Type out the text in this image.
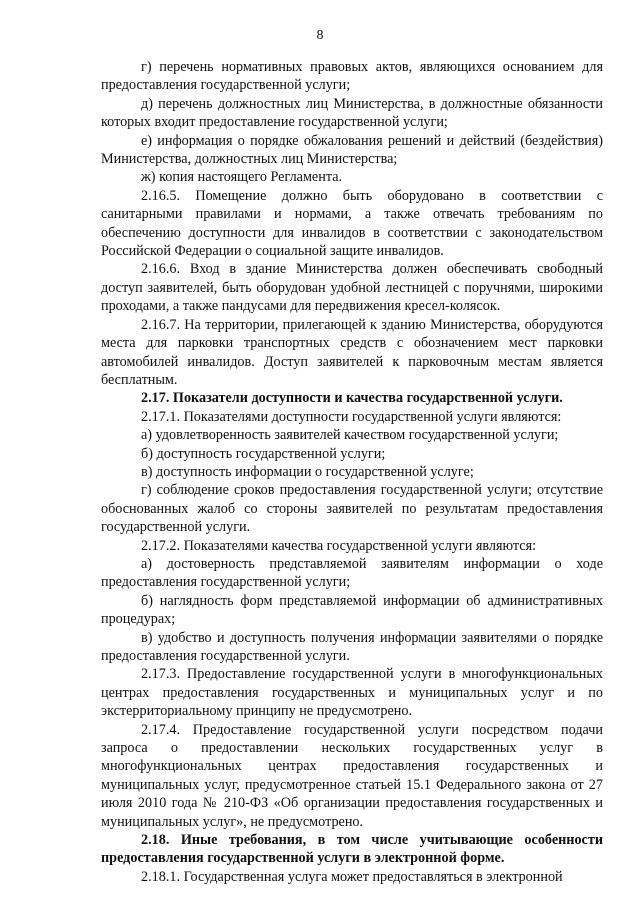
8

г) перечень нормативных правовых актов, являющихся основанием для предоставления государственной услуги;

д) перечень должностных лиц Министерства, в должностные обязанности которых входит предоставление государственной услуги;

е) информация о порядке обжалования решений и действий (бездействия) Министерства, должностных лиц Министерства;

ж) копия настоящего Регламента.

2.16.5. Помещение должно быть оборудовано в соответствии с санитарными правилами и нормами, а также отвечать требованиям по обеспечению доступности для инвалидов в соответствии с законодательством Российской Федерации о социальной защите инвалидов.

2.16.6. Вход в здание Министерства должен обеспечивать свободный доступ заявителей, быть оборудован удобной лестницей с поручнями, широкими проходами, а также пандусами для передвижения кресел-колясок.

2.16.7. На территории, прилегающей к зданию Министерства, оборудуются места для парковки транспортных средств с обозначением мест парковки автомобилей инвалидов. Доступ заявителей к парковочным местам является бесплатным.

2.17. Показатели доступности и качества государственной услуги.

2.17.1. Показателями доступности государственной услуги являются:

а) удовлетворенность заявителей качеством государственной услуги;

б) доступность государственной услуги;

в) доступность информации о государственной услуге;

г) соблюдение сроков предоставления государственной услуги; отсутствие обоснованных жалоб со стороны заявителей по результатам предоставления государственной услуги.

2.17.2. Показателями качества государственной услуги являются:

а) достоверность представляемой заявителям информации о ходе предоставления государственной услуги;

б) наглядность форм представляемой информации об административных процедурах;

в) удобство и доступность получения информации заявителями о порядке предоставления государственной услуги.

2.17.3. Предоставление государственной услуги в многофункциональных центрах предоставления государственных и муниципальных услуг и по экстерриториальному принципу не предусмотрено.

2.17.4. Предоставление государственной услуги посредством подачи запроса о предоставлении нескольких государственных услуг в многофункциональных центрах предоставления государственных и муниципальных услуг, предусмотренное статьей 15.1 Федерального закона от 27 июля 2010 года № 210-ФЗ «Об организации предоставления государственных и муниципальных услуг», не предусмотрено.

2.18. Иные требования, в том числе учитывающие особенности предоставления государственной услуги в электронной форме.

2.18.1. Государственная услуга может предоставляться в электронной
